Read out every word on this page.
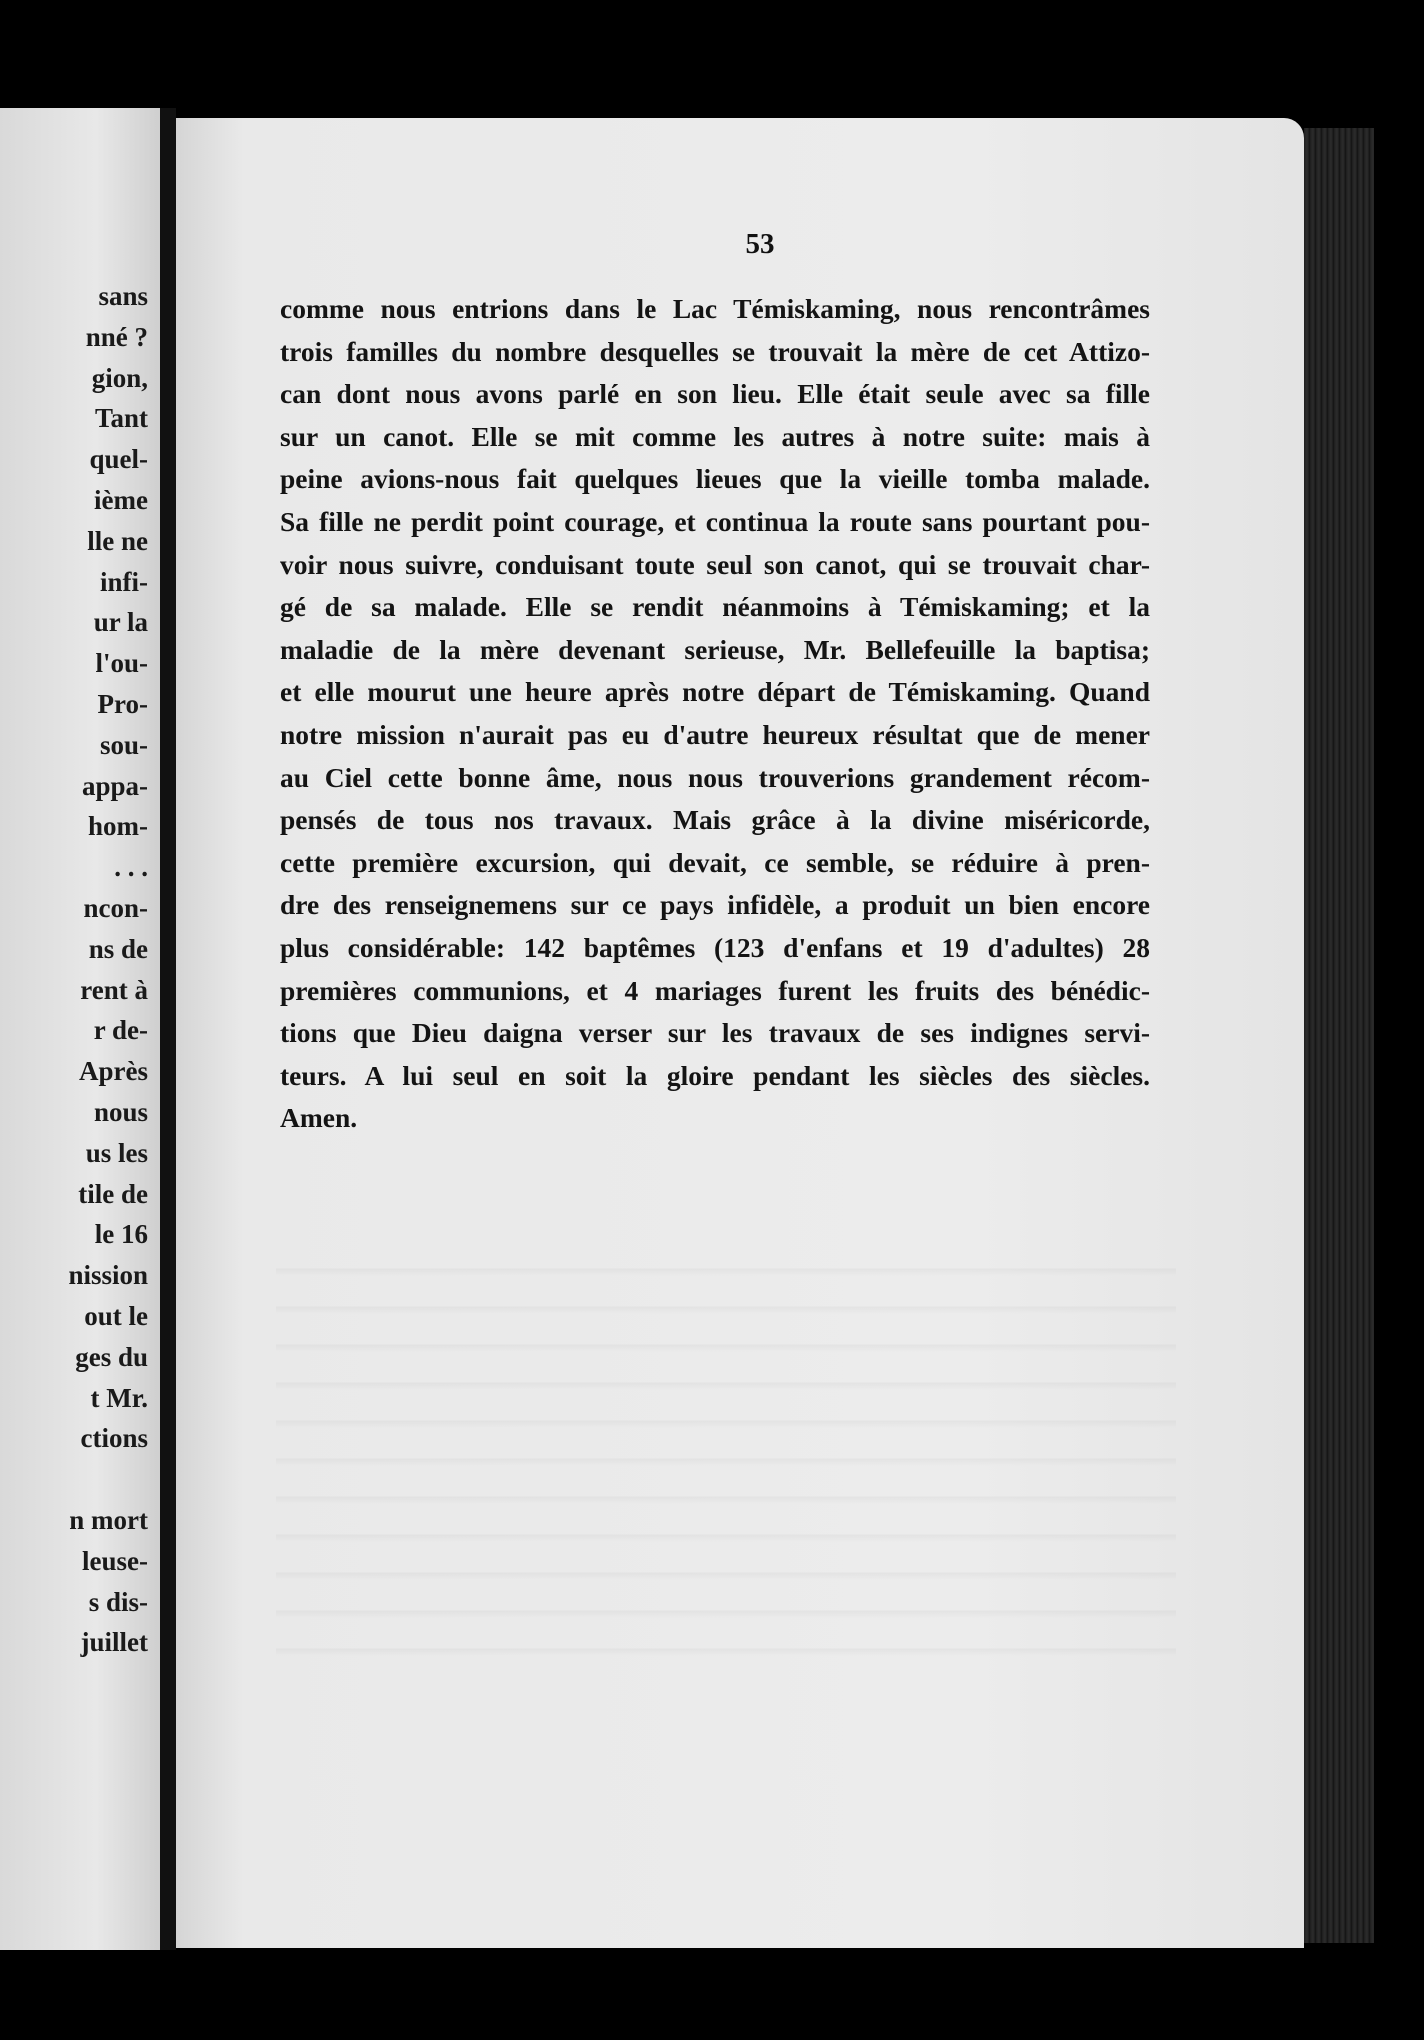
sans
nné ?
gion,
Tant
quel-
ième
lle ne
infi-
ur la
l'ou-
Pro-
sou-
appa-
hom-
. . .
ncon-
ns de
rent à
r de-
Après
nous
us les
tile de
le 16
nission
out le
ges du
t Mr.
ctions
n mort
leuse-
s dis-
juillet
53
comme nous entrions dans le Lac Témiskaming, nous rencontrâmes
trois familles du nombre desquelles se trouvait la mère de cet Attizo-
can dont nous avons parlé en son lieu. Elle était seule avec sa fille
sur un canot. Elle se mit comme les autres à notre suite: mais à
peine avions-nous fait quelques lieues que la vieille tomba malade.
Sa fille ne perdit point courage, et continua la route sans pourtant pou-
voir nous suivre, conduisant toute seul son canot, qui se trouvait char-
gé de sa malade. Elle se rendit néanmoins à Témiskaming; et la
maladie de la mère devenant serieuse, Mr. Bellefeuille la baptisa;
et elle mourut une heure après notre départ de Témiskaming. Quand
notre mission n'aurait pas eu d'autre heureux résultat que de mener
au Ciel cette bonne âme, nous nous trouverions grandement récom-
pensés de tous nos travaux. Mais grâce à la divine miséricorde,
cette première excursion, qui devait, ce semble, se réduire à pren-
dre des renseignemens sur ce pays infidèle, a produit un bien encore
plus considérable: 142 baptêmes (123 d'enfans et 19 d'adultes) 28
premières communions, et 4 mariages furent les fruits des bénédic-
tions que Dieu daigna verser sur les travaux de ses indignes servi-
teurs. A lui seul en soit la gloire pendant les siècles des siècles.
Amen.
